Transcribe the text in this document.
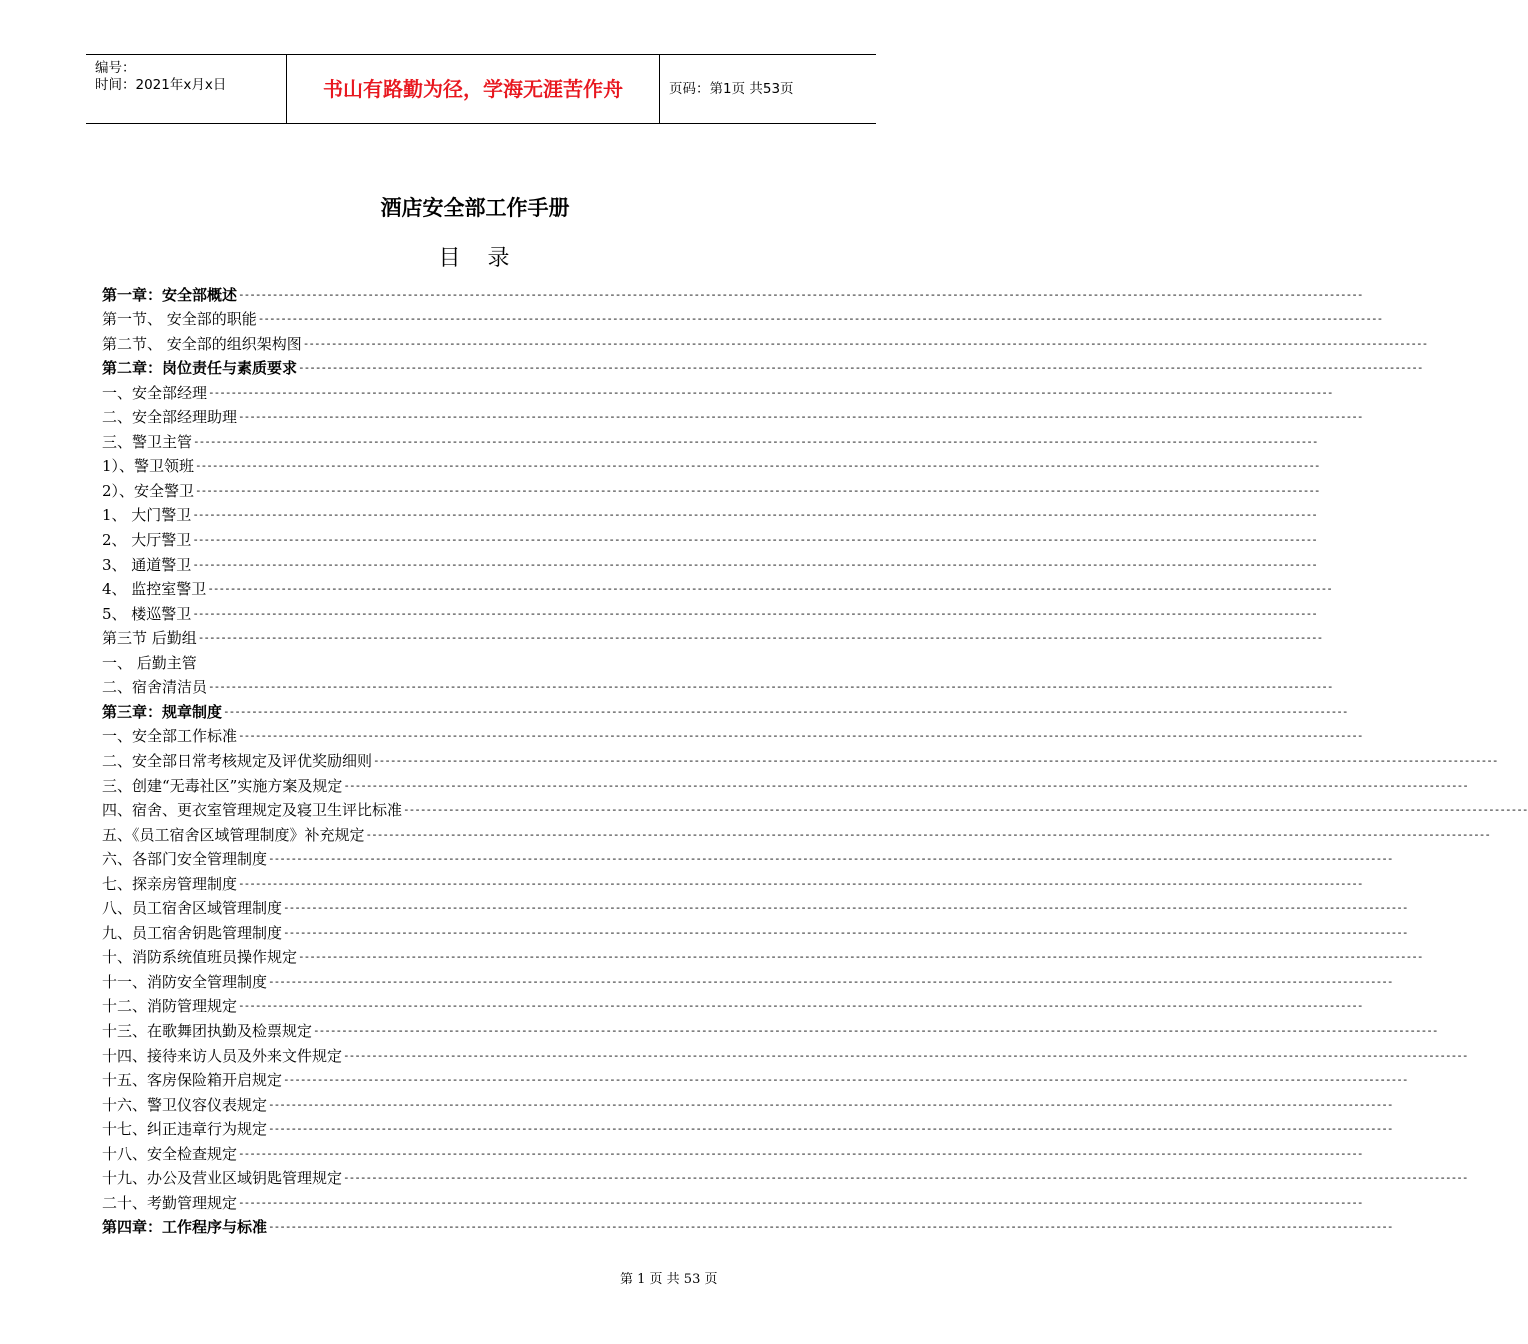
编号：
时间：2021年x月x日	书山有路勤为径，学海无涯苦作舟	页码：第1页 共53页
酒店安全部工作手册
目 录
第一章：安全部概述 --------------------------------------------------------------------------------------------------------------------------------------------------------------------------------------------------------
第一节、 安全部的职能 --------------------------------------------------------------------------------------------------------------------------------------------------------------------------------------------------------
第二节、 安全部的组织架构图 --------------------------------------------------------------------------------------------------------------------------------------------------------------------------------------------------------
第二章：岗位责任与素质要求 --------------------------------------------------------------------------------------------------------------------------------------------------------------------------------------------------------
一、安全部经理 --------------------------------------------------------------------------------------------------------------------------------------------------------------------------------------------------------
二、安全部经理助理 --------------------------------------------------------------------------------------------------------------------------------------------------------------------------------------------------------
三、警卫主管 --------------------------------------------------------------------------------------------------------------------------------------------------------------------------------------------------------
1）、警卫领班 --------------------------------------------------------------------------------------------------------------------------------------------------------------------------------------------------------
2）、安全警卫 --------------------------------------------------------------------------------------------------------------------------------------------------------------------------------------------------------
1、 大门警卫 --------------------------------------------------------------------------------------------------------------------------------------------------------------------------------------------------------
2、 大厅警卫 --------------------------------------------------------------------------------------------------------------------------------------------------------------------------------------------------------
3、 通道警卫 --------------------------------------------------------------------------------------------------------------------------------------------------------------------------------------------------------
4、 监控室警卫 --------------------------------------------------------------------------------------------------------------------------------------------------------------------------------------------------------
5、 楼巡警卫 --------------------------------------------------------------------------------------------------------------------------------------------------------------------------------------------------------
第三节 后勤组 --------------------------------------------------------------------------------------------------------------------------------------------------------------------------------------------------------
一、 后勤主管
二、宿舍清洁员 --------------------------------------------------------------------------------------------------------------------------------------------------------------------------------------------------------
第三章：规章制度 --------------------------------------------------------------------------------------------------------------------------------------------------------------------------------------------------------
一、安全部工作标准 --------------------------------------------------------------------------------------------------------------------------------------------------------------------------------------------------------
二、安全部日常考核规定及评优奖励细则 --------------------------------------------------------------------------------------------------------------------------------------------------------------------------------------------------------
三、创建“无毒社区”实施方案及规定 --------------------------------------------------------------------------------------------------------------------------------------------------------------------------------------------------------
四、宿舍、更衣室管理规定及寝卫生评比标准 --------------------------------------------------------------------------------------------------------------------------------------------------------------------------------------------------------
五、《员工宿舍区域管理制度》补充规定 --------------------------------------------------------------------------------------------------------------------------------------------------------------------------------------------------------
六、各部门安全管理制度 --------------------------------------------------------------------------------------------------------------------------------------------------------------------------------------------------------
七、探亲房管理制度 --------------------------------------------------------------------------------------------------------------------------------------------------------------------------------------------------------
八、员工宿舍区域管理制度 --------------------------------------------------------------------------------------------------------------------------------------------------------------------------------------------------------
九、员工宿舍钥匙管理制度 --------------------------------------------------------------------------------------------------------------------------------------------------------------------------------------------------------
十、消防系统值班员操作规定 --------------------------------------------------------------------------------------------------------------------------------------------------------------------------------------------------------
十一、消防安全管理制度 --------------------------------------------------------------------------------------------------------------------------------------------------------------------------------------------------------
十二、消防管理规定 --------------------------------------------------------------------------------------------------------------------------------------------------------------------------------------------------------
十三、在歌舞团执勤及检票规定 --------------------------------------------------------------------------------------------------------------------------------------------------------------------------------------------------------
十四、接待来访人员及外来文件规定 --------------------------------------------------------------------------------------------------------------------------------------------------------------------------------------------------------
十五、客房保险箱开启规定 --------------------------------------------------------------------------------------------------------------------------------------------------------------------------------------------------------
十六、警卫仪容仪表规定 --------------------------------------------------------------------------------------------------------------------------------------------------------------------------------------------------------
十七、纠正违章行为规定 --------------------------------------------------------------------------------------------------------------------------------------------------------------------------------------------------------
十八、安全检查规定 --------------------------------------------------------------------------------------------------------------------------------------------------------------------------------------------------------
十九、办公及营业区域钥匙管理规定 --------------------------------------------------------------------------------------------------------------------------------------------------------------------------------------------------------
二十、考勤管理规定 --------------------------------------------------------------------------------------------------------------------------------------------------------------------------------------------------------
第四章：工作程序与标准 --------------------------------------------------------------------------------------------------------------------------------------------------------------------------------------------------------
第 1 页 共 53 页
